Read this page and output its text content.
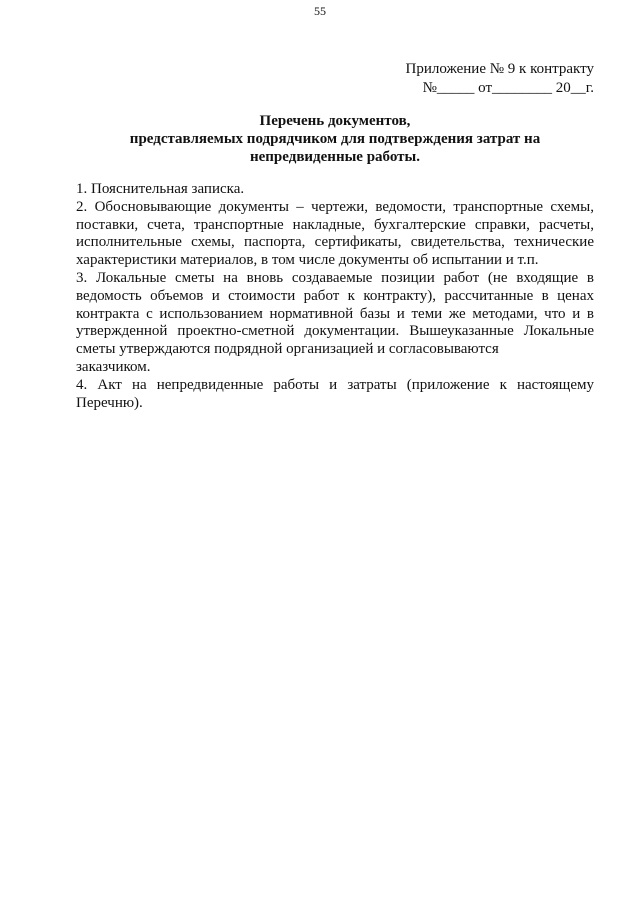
55
Приложение № 9 к контракту
№_____ от________ 20__г.
Перечень документов,
представляемых подрядчиком для подтверждения затрат на
непредвиденные работы.

1. Пояснительная записка.

2. Обосновывающие документы – чертежи, ведомости, транспортные схемы, поставки, счета, транспортные накладные, бухгалтерские справки, расчеты, исполнительные схемы, паспорта, сертификаты, свидетельства, технические характеристики материалов, в том числе документы об испытании и т.п.

3. Локальные сметы на вновь создаваемые позиции работ (не входящие в ведомость объемов и стоимости работ к контракту), рассчитанные в ценах контракта с использованием нормативной базы и теми же методами, что и в утвержденной проектно-сметной документации. Вышеуказанные Локальные сметы утверждаются подрядной организацией и согласовываются

заказчиком.

4. Акт на непредвиденные работы и затраты (приложение к настоящему Перечню).
